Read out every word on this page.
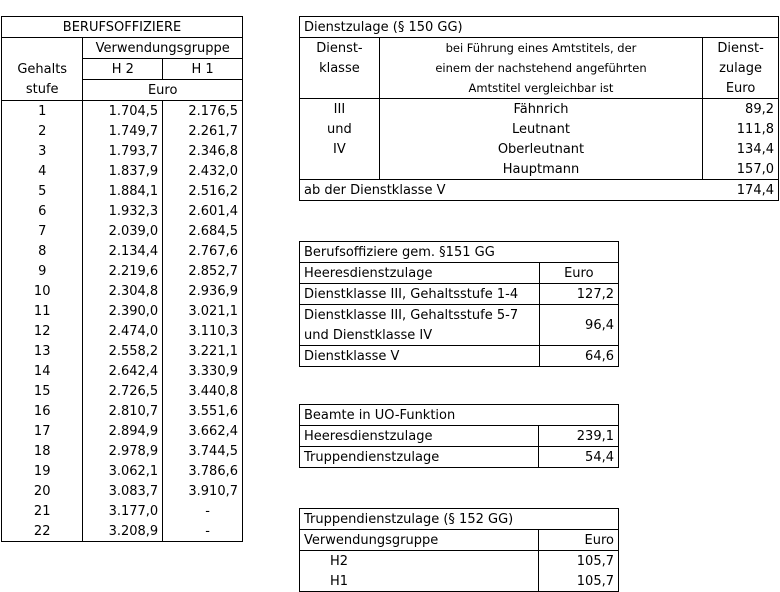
BERUFSOFFIZIERE		
	Verwendungsgruppe	
Gehalts	H 2	H 1
stufe	Euro	
1	1.704,5	2.176,5
2	1.749,7	2.261,7
3	1.793,7	2.346,8
4	1.837,9	2.432,0
5	1.884,1	2.516,2
6	1.932,3	2.601,4
7	2.039,0	2.684,5
8	2.134,4	2.767,6
9	2.219,6	2.852,7
10	2.304,8	2.936,9
11	2.390,0	3.021,1
12	2.474,0	3.110,3
13	2.558,2	3.221,1
14	2.642,4	3.330,9
15	2.726,5	3.440,8
16	2.810,7	3.551,6
17	2.894,9	3.662,4
18	2.978,9	3.744,5
19	3.062,1	3.786,6
20	3.083,7	3.910,7
21	3.177,0	-
22	3.208,9	-
Dienstzulage (§ 150 GG)		
Dienst-	bei Führung eines Amtstitels, der	Dienst-
klasse	einem der nachstehend angeführten	zulage
	Amtstitel vergleichbar ist	Euro
III	Fähnrich	89,2
und	Leutnant	111,8
IV	Oberleutnant	134,4
	Hauptmann	157,0
ab der Dienstklasse V		174,4
Berufsoffiziere gem. §151 GG	
Heeresdienstzulage	Euro
Dienstklasse III, Gehaltsstufe 1-4	127,2
Dienstklasse III, Gehaltsstufe 5-7	96,4
und Dienstklasse IV	
Dienstklasse V	64,6
Beamte in UO-Funktion	
Heeresdienstzulage	239,1
Truppendienstzulage	54,4
Truppendienstzulage (§ 152 GG)	
Verwendungsgruppe	Euro
H2	105,7
H1	105,7
